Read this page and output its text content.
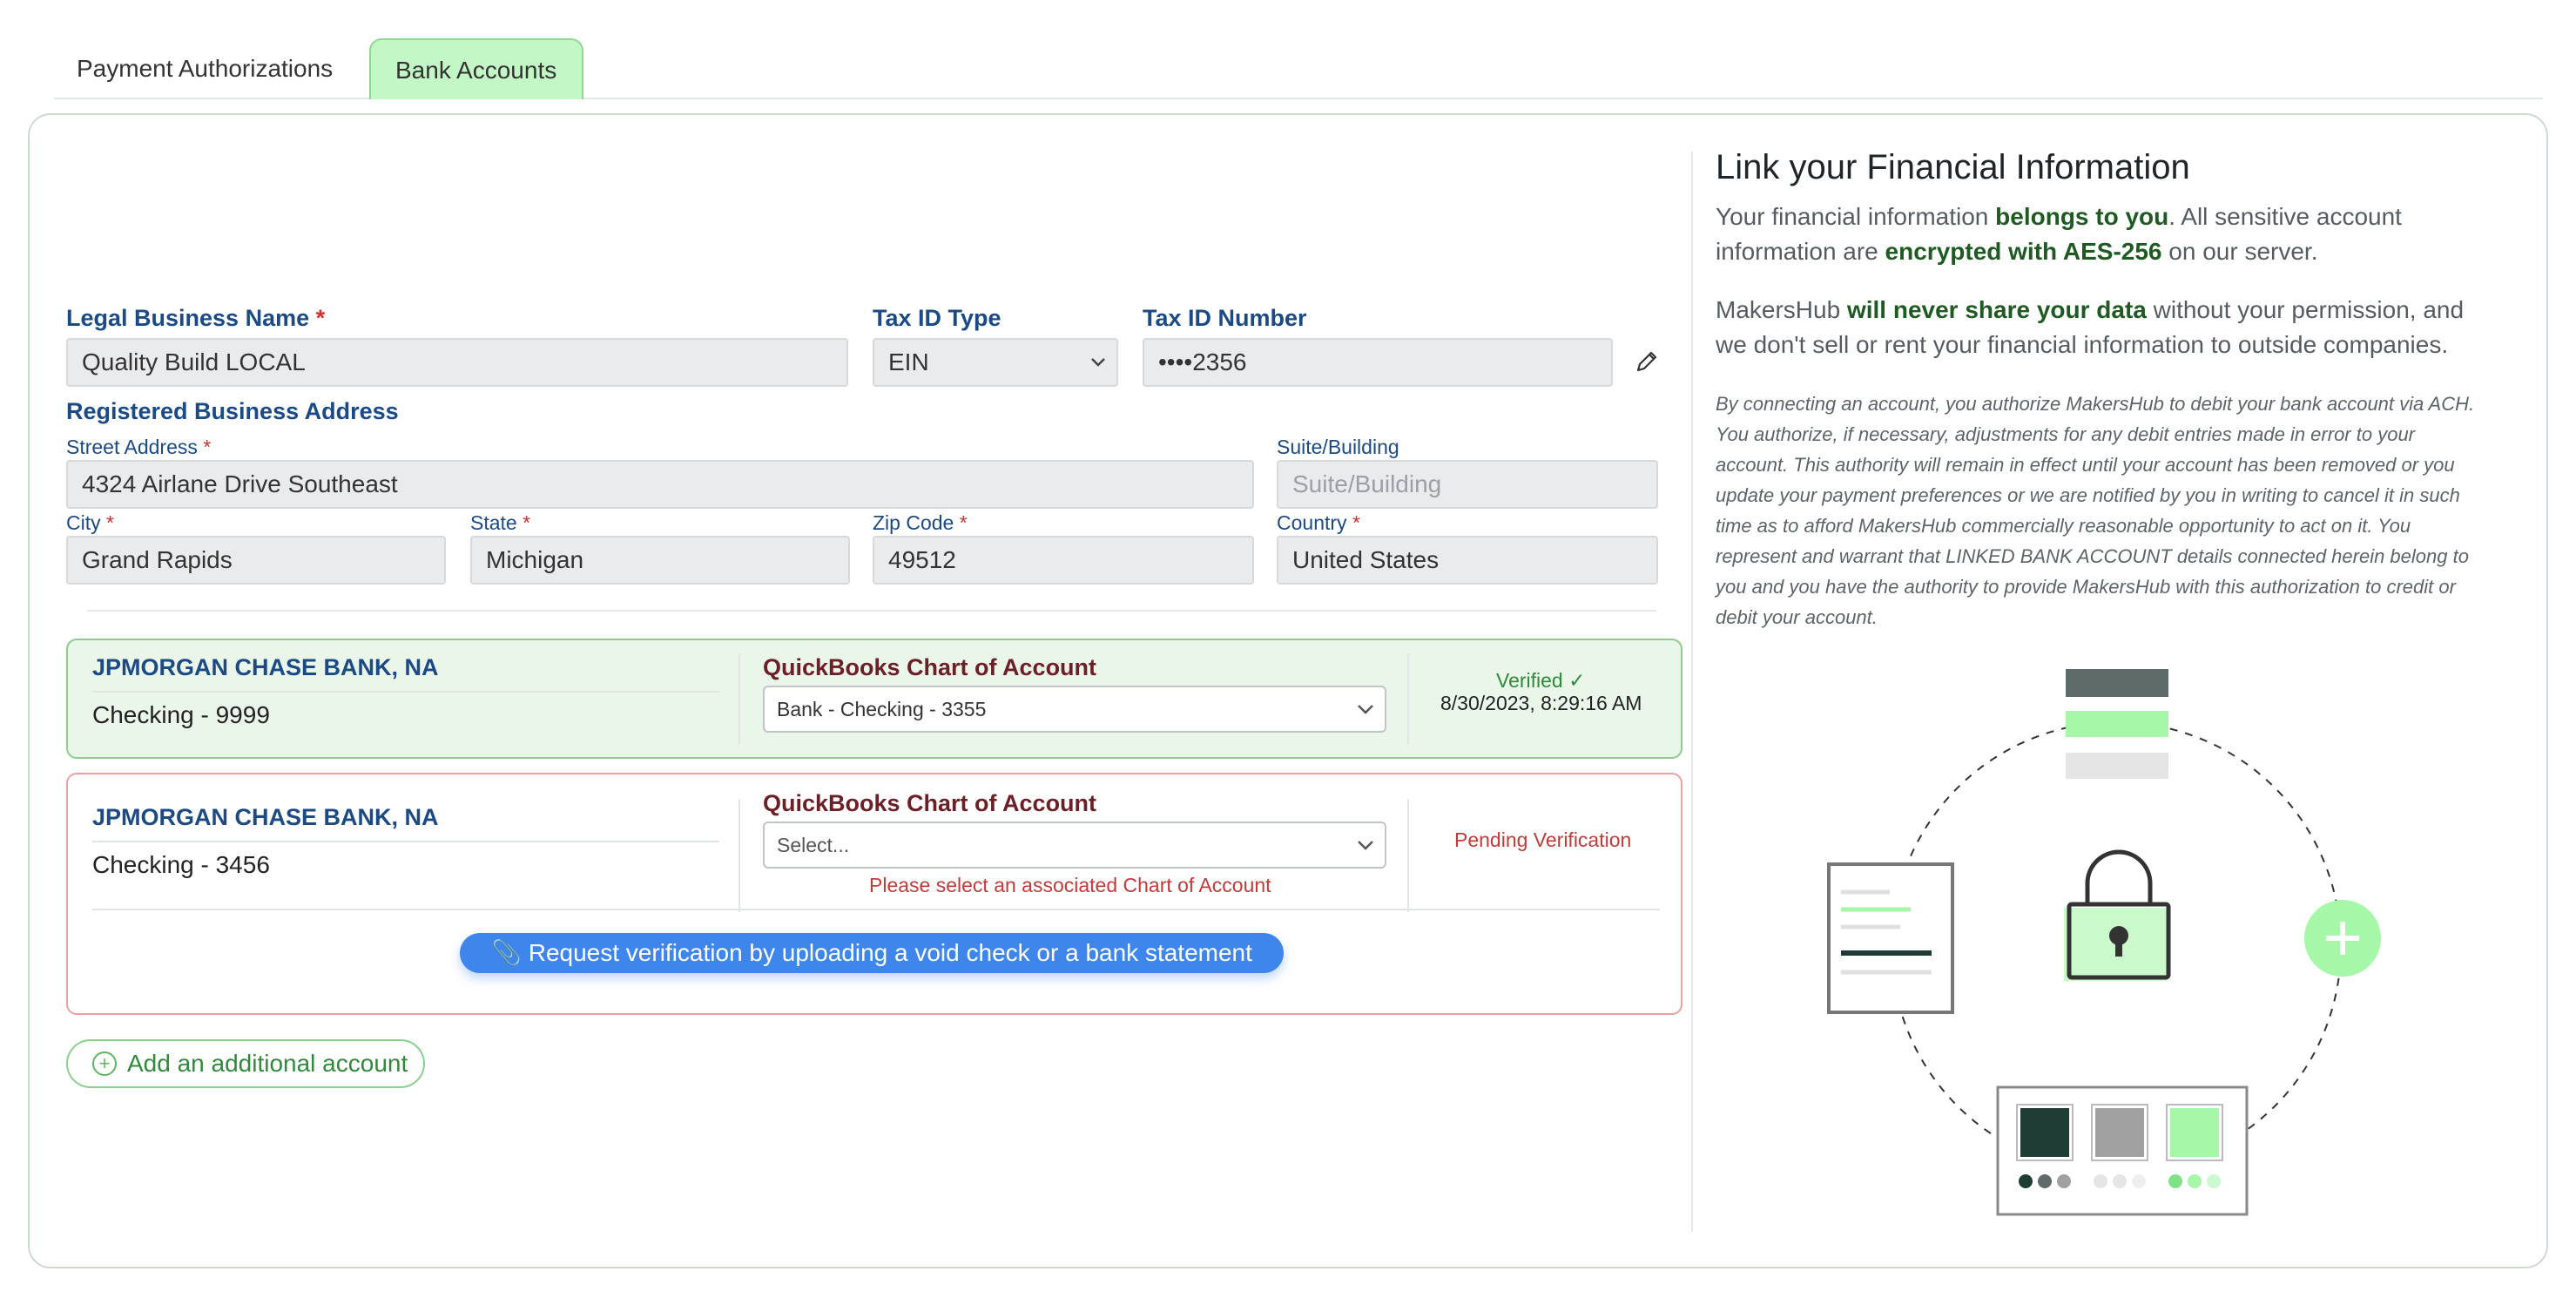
Payment Authorizations	Bank Accounts
Legal Business Name *
Quality Build LOCAL
Tax ID Type
EIN
Tax ID Number
••••2356
Registered Business Address
Street Address *
4324 Airlane Drive Southeast
Suite/Building
Suite/Building
City *
Grand Rapids
State *
Michigan
Zip Code *
49512
Country *
United States
JPMORGAN CHASE BANK, NA
Checking - 9999
QuickBooks Chart of Account
Bank - Checking - 3355
Verified ✓
8/30/2023, 8:29:16 AM
JPMORGAN CHASE BANK, NA
Checking - 3456
QuickBooks Chart of Account
Select...
Please select an associated Chart of Account
Pending Verification
📎 Request verification by uploading a void check or a bank statement
+ Add an additional account
Link your Financial Information
Your financial information belongs to you. All sensitive account information are encrypted with AES-256 on our server.
MakersHub will never share your data without your permission, and we don't sell or rent your financial information to outside companies.
By connecting an account, you authorize MakersHub to debit your bank account via ACH. You authorize, if necessary, adjustments for any debit entries made in error to your account. This authority will remain in effect until your account has been removed or you update your payment preferences or we are notified by you in writing to cancel it in such time as to afford MakersHub commercially reasonable opportunity to act on it. You represent and warrant that LINKED BANK ACCOUNT details connected herein belong to you and you have the authority to provide MakersHub with this authorization to credit or debit your account.
